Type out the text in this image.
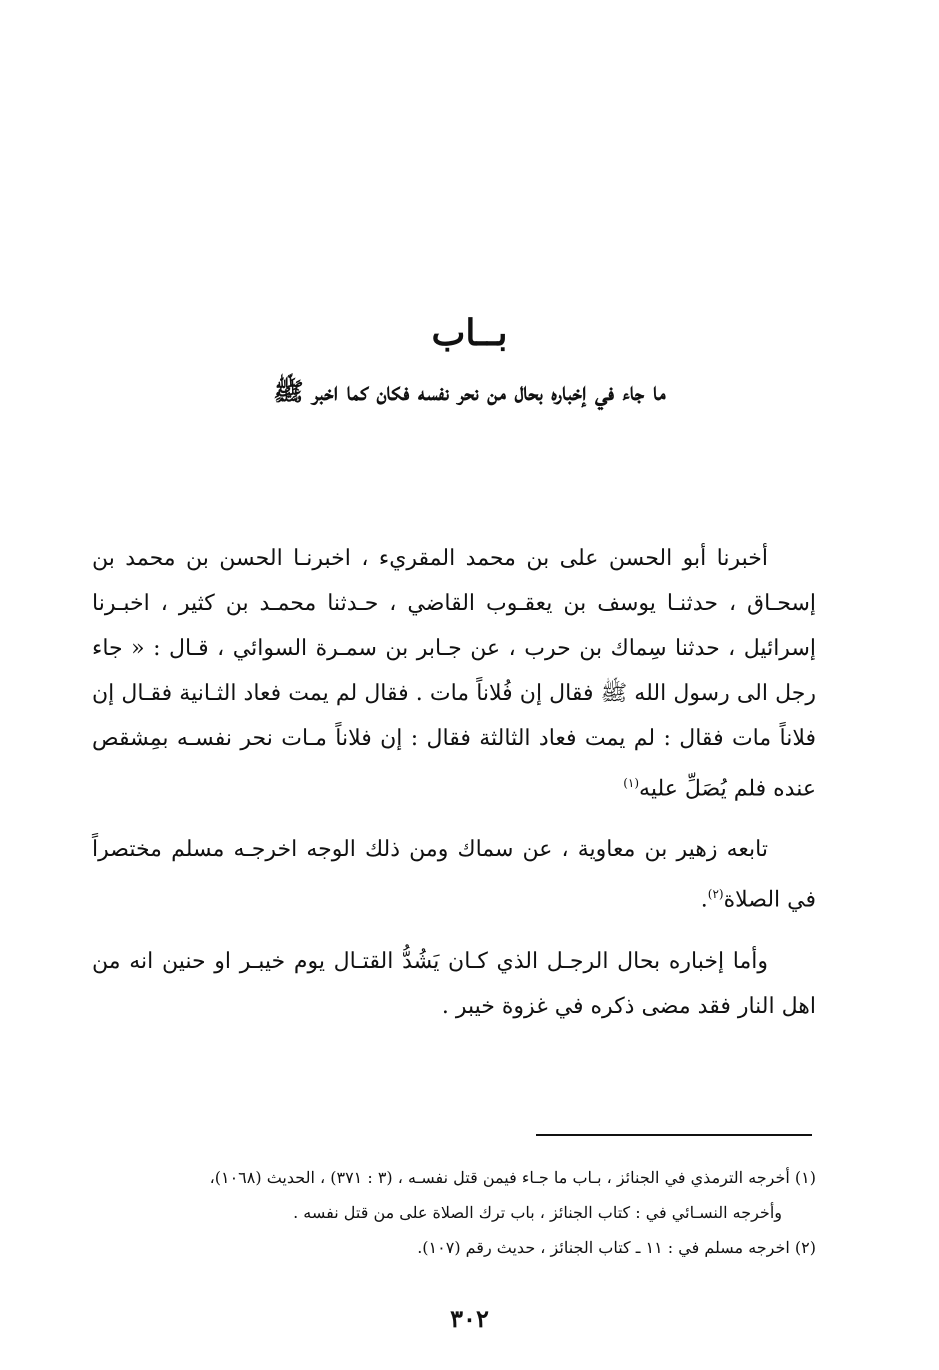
بــاب
ما جاء في إخباره بحال من نحر نفسه فكان كما اخبر ﷺ

أخبرنا أبو الحسن على بن محمد المقريء ، اخبرنـا الحسن بن محمد بن إسحـاق ، حدثنـا يوسف بن يعقـوب القاضي ، حـدثنا محمـد بن كثير ، اخبـرنا إسرائيل ، حدثنا سِماك بن حرب ، عن جـابر بن سمـرة السوائي ، قـال : « جاء رجل الى رسول الله ﷺ فقال إن فُلاناً مات . فقال لم يمت فعاد الثـانية فقـال إن فلاناً مات فقال : لم يمت فعاد الثالثة فقال : إن فلاناً مـات نحر نفسـه بمِشقص عنده فلم يُصَلِّ عليه$^{(١)}$

تابعه زهير بن معاوية ، عن سماك ومن ذلك الوجه اخرجـه مسلم مختصراً في الصلاة$^{(٢)}$.

وأما إخباره بحال الرجـل الذي كـان يَشُدُّ القتـال يوم خيبـر او حنين انه من اهل النار فقد مضى ذكره في غزوة خيبر .

(١) أخرجه الترمذي في الجنائز ، بـاب ما جـاء فيمن قتل نفسـه ، (٣ : ٣٧١) ، الحديث (١٠٦٨)،

وأخرجه النسـائي في : كتاب الجنائز ، باب ترك الصلاة على من قتل نفسه .

(٢) اخرجه مسلم في : ١١ ـ كتاب الجنائز ، حديث رقم (١٠٧).

٣٠٢
